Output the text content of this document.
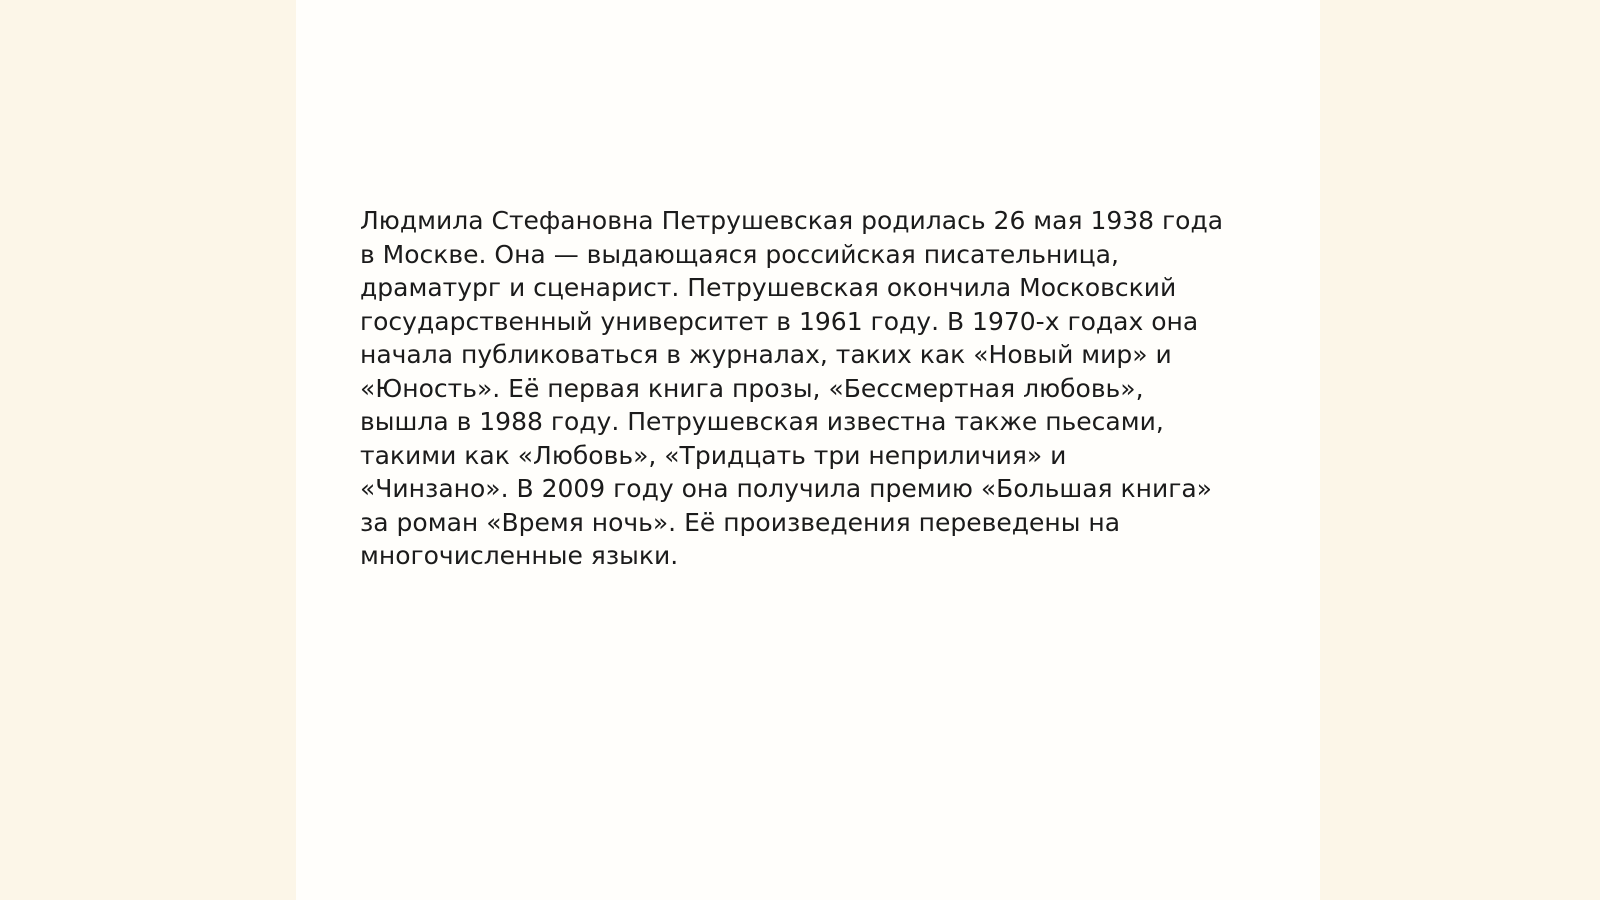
Людмила Стефановна Петрушевская родилась 26 мая 1938 года
в Москве. Она — выдающаяся российская писательница,
драматург и сценарист. Петрушевская окончила Московский
государственный университет в 1961 году. В 1970-х годах она
начала публиковаться в журналах, таких как «Новый мир» и
«Юность». Её первая книга прозы, «Бессмертная любовь»,
вышла в 1988 году. Петрушевская известна также пьесами,
такими как «Любовь», «Тридцать три неприличия» и
«Чинзано». В 2009 году она получила премию «Большая книга»
за роман «Время ночь». Её произведения переведены на
многочисленные языки.
